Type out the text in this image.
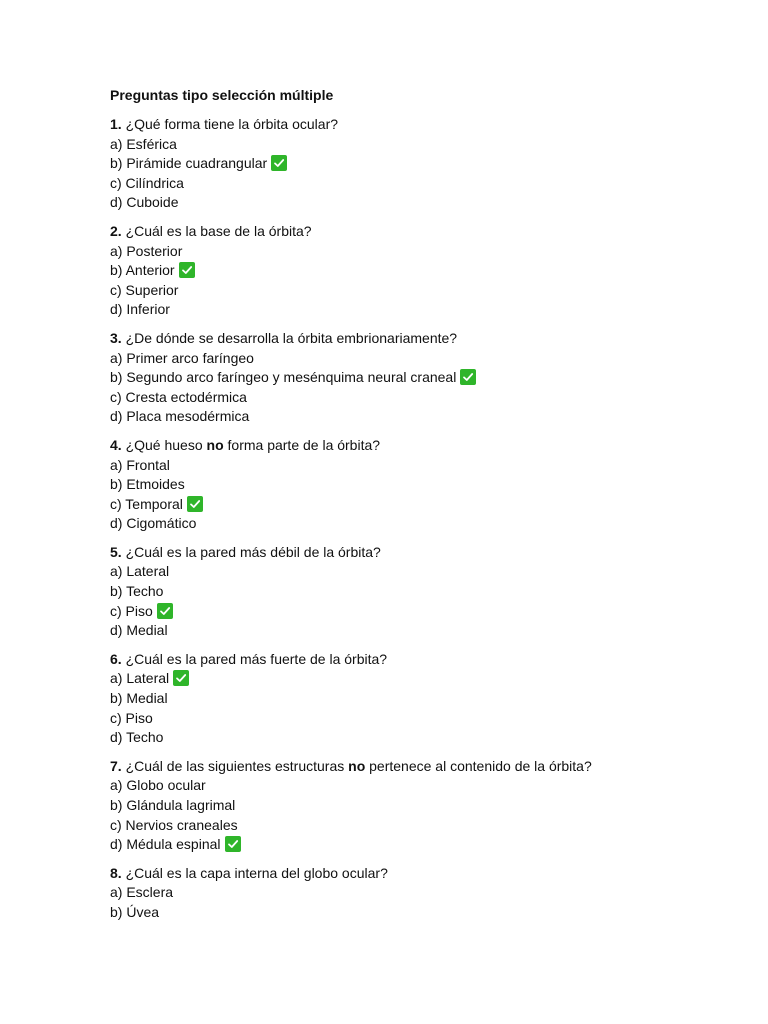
Preguntas tipo selección múltiple
1. ¿Qué forma tiene la órbita ocular?
a) Esférica
b) Pirámide cuadrangular
c) Cilíndrica
d) Cuboide
2. ¿Cuál es la base de la órbita?
a) Posterior
b) Anterior
c) Superior
d) Inferior
3. ¿De dónde se desarrolla la órbita embrionariamente?
a) Primer arco faríngeo
b) Segundo arco faríngeo y mesénquima neural craneal
c) Cresta ectodérmica
d) Placa mesodérmica
4. ¿Qué hueso no forma parte de la órbita?
a) Frontal
b) Etmoides
c) Temporal
d) Cigomático
5. ¿Cuál es la pared más débil de la órbita?
a) Lateral
b) Techo
c) Piso
d) Medial
6. ¿Cuál es la pared más fuerte de la órbita?
a) Lateral
b) Medial
c) Piso
d) Techo
7. ¿Cuál de las siguientes estructuras no pertenece al contenido de la órbita?
a) Globo ocular
b) Glándula lagrimal
c) Nervios craneales
d) Médula espinal
8. ¿Cuál es la capa interna del globo ocular?
a) Esclera
b) Úvea
